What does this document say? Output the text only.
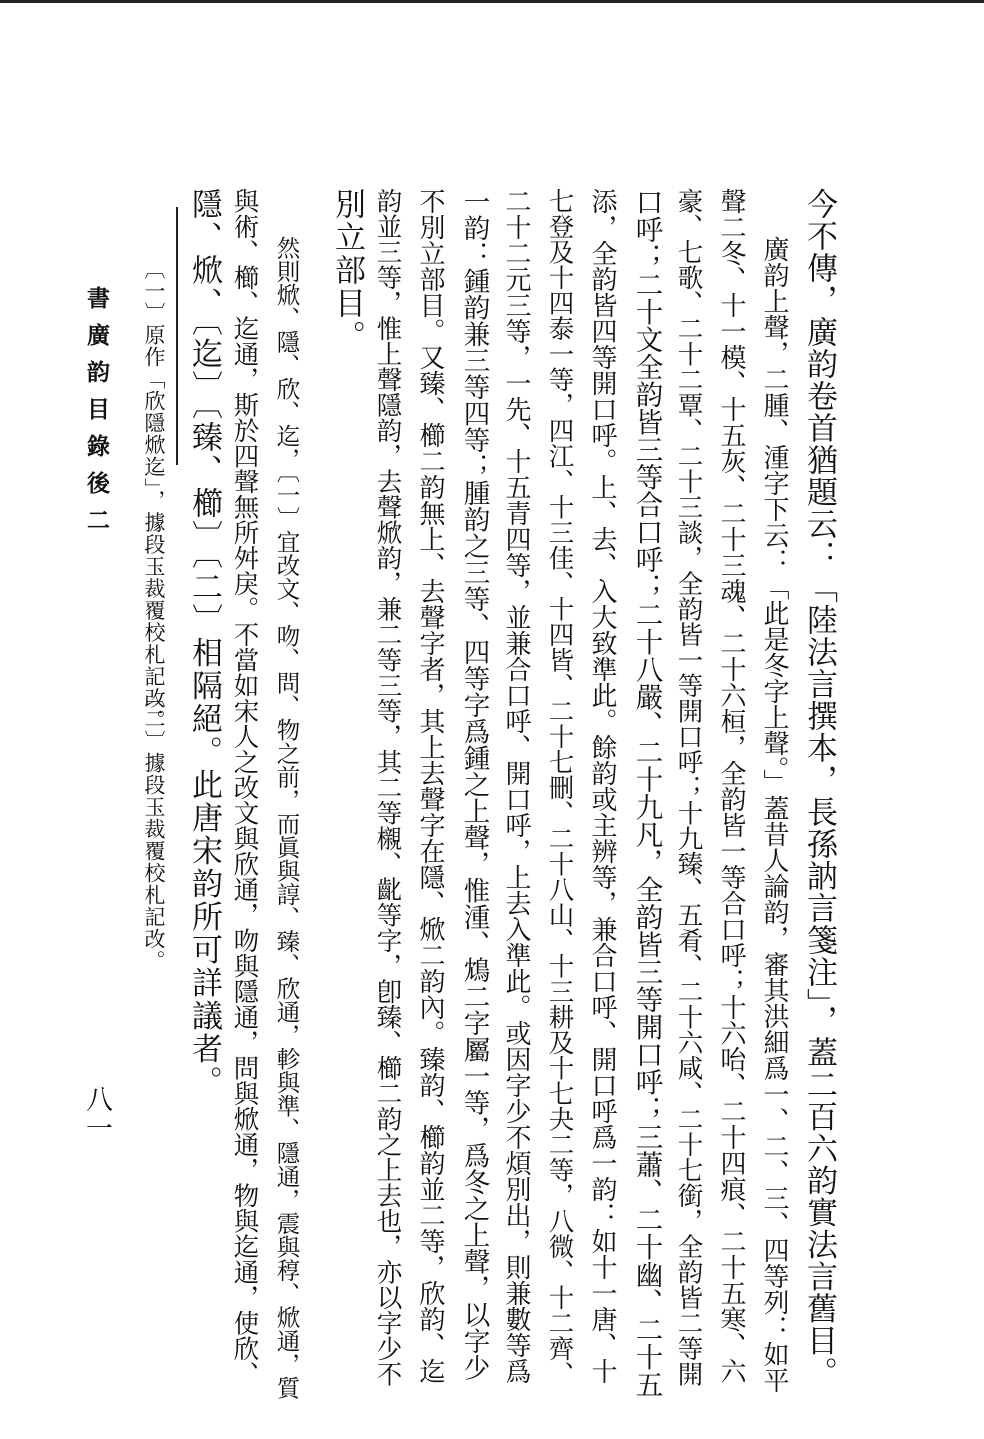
今不傳，廣韵卷首猶題云：「陸法言撰本，長孫訥言箋注」，蓋二百六韵實法言舊目。

廣韵上聲，二腫、湩字下云：「此是冬字上聲。」蓋昔人論韵，審其洪細爲一、二、三、四等列：如平

聲二冬、十一模、十五灰、二十三魂、二十六桓，全韵皆一等合口呼；十六咍、二十四痕、二十五寒、六

豪、七歌、二十二覃、二十三談，全韵皆一等開口呼；十九臻、五肴、二十六咸、二十七銜，全韵皆二等開

口呼；二十文全韵皆三等合口呼；二十八嚴、二十九凡，全韵皆三等開口呼；三蕭、二十幽、二十五

添，全韵皆四等開口呼。上、去、入大致準此。餘韵或主辨等，兼合口呼、開口呼爲一韵：如十一唐、十

七登及十四泰一等，四江、十三佳、十四皆、二十七刪、二十八山、十三耕及十七夬二等，八微、十二齊、

二十二元三等，一先、十五青四等，並兼合口呼、開口呼，上去入準此。或因字少不煩別出，則兼數等爲

一韵：鍾韵兼三等四等；腫韵之三等、四等字爲鍾之上聲，惟湩、鴆二字屬一等，爲冬之上聲，以字少

不別立部目。又臻、櫛二韵無上、去聲字者，其上去聲字在隱、焮二韵內。臻韵、櫛韵並二等，欣韵、迄

韵並三等，惟上聲隱韵，去聲焮韵，兼二等三等，其二等櫬、齔等字，卽臻、櫛二韵之上去也，亦以字少不

別立部目。

然則焮、隱、欣、迄，〔一〕宜改文、吻、問、物之前，而眞與諄、臻、欣通，軫與準、隱通，震與稕、焮通，質

與術、櫛、迄通，斯於四聲無所舛戾。不當如宋人之改文與欣通，吻與隱通，問與焮通，物與迄通，使欣、

隱、焮、〔迄〕〔臻、櫛〕〔二〕相隔絕。此唐宋韵所可詳議者。

〔一〕原作「欣隱焮迄」，據段玉裁覆校札記改。

〔二〕據段玉裁覆校札記改。

書廣韵目錄後二

八一
